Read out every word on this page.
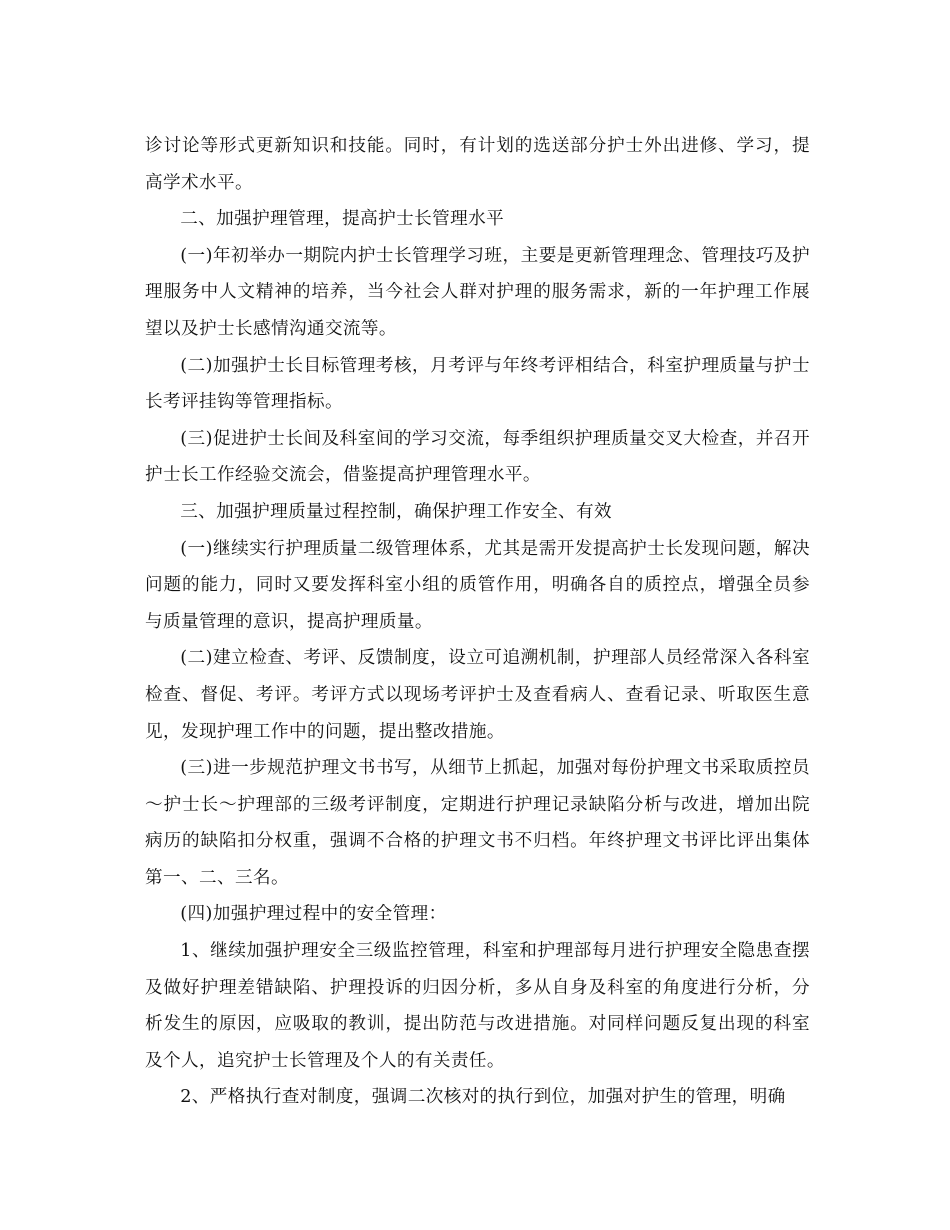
诊讨论等形式更新知识和技能。同时，有计划的选送部分护士外出进修、学习，提高学术水平。

二、加强护理管理，提高护士长管理水平

(一)年初举办一期院内护士长管理学习班，主要是更新管理理念、管理技巧及护理服务中人文精神的培养，当今社会人群对护理的服务需求，新的一年护理工作展望以及护士长感情沟通交流等。

(二)加强护士长目标管理考核，月考评与年终考评相结合，科室护理质量与护士长考评挂钩等管理指标。

(三)促进护士长间及科室间的学习交流，每季组织护理质量交叉大检查，并召开护士长工作经验交流会，借鉴提高护理管理水平。

三、加强护理质量过程控制，确保护理工作安全、有效

(一)继续实行护理质量二级管理体系，尤其是需开发提高护士长发现问题，解决问题的能力，同时又要发挥科室小组的质管作用，明确各自的质控点，增强全员参与质量管理的意识，提高护理质量。

(二)建立检查、考评、反馈制度，设立可追溯机制，护理部人员经常深入各科室检查、督促、考评。考评方式以现场考评护士及查看病人、查看记录、听取医生意见，发现护理工作中的问题，提出整改措施。

(三)进一步规范护理文书书写，从细节上抓起，加强对每份护理文书采取质控员～护士长～护理部的三级考评制度，定期进行护理记录缺陷分析与改进，增加出院病历的缺陷扣分权重，强调不合格的护理文书不归档。年终护理文书评比评出集体第一、二、三名。

(四)加强护理过程中的安全管理：

1、继续加强护理安全三级监控管理，科室和护理部每月进行护理安全隐患查摆及做好护理差错缺陷、护理投诉的归因分析，多从自身及科室的角度进行分析，分析发生的原因，应吸取的教训，提出防范与改进措施。对同样问题反复出现的科室及个人，追究护士长管理及个人的有关责任。

2、严格执行查对制度，强调二次核对的执行到位，加强对护生的管理，明确
